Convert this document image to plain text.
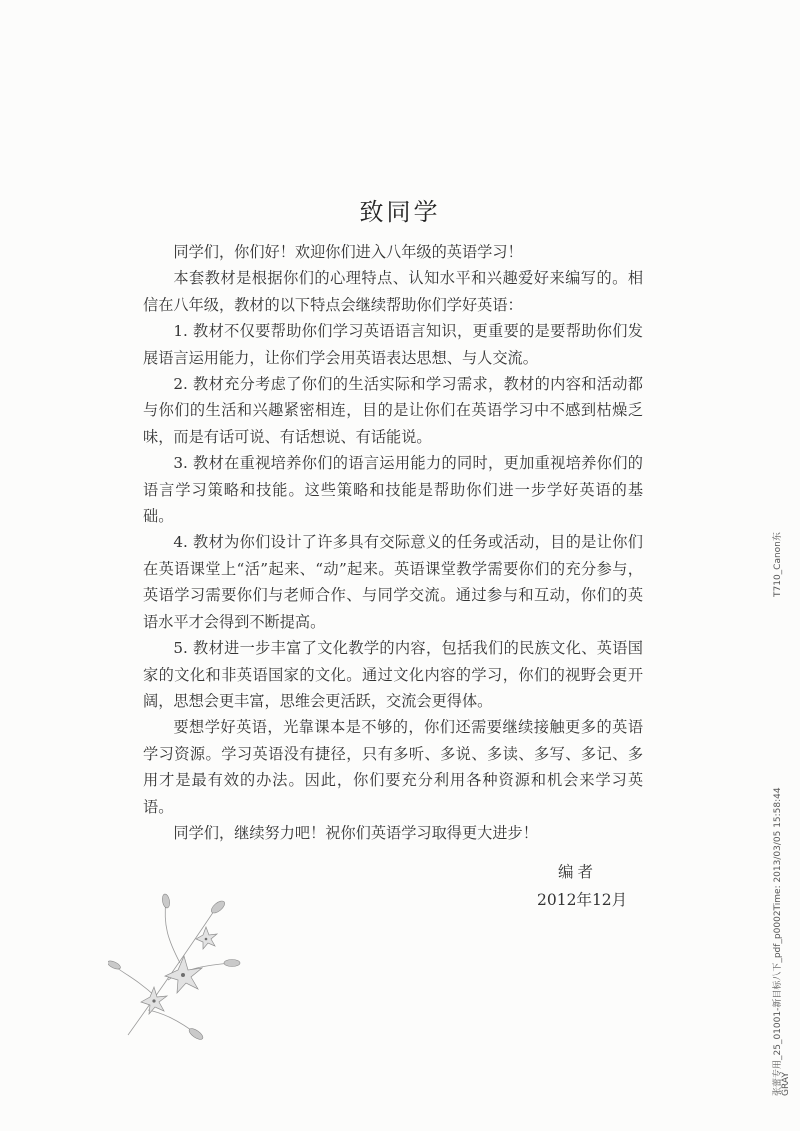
致同学

同学们，你们好！欢迎你们进入八年级的英语学习！

本套教材是根据你们的心理特点、认知水平和兴趣爱好来编写的。相信在八年级，教材的以下特点会继续帮助你们学好英语：

1. 教材不仅要帮助你们学习英语语言知识，更重要的是要帮助你们发展语言运用能力，让你们学会用英语表达思想、与人交流。

2. 教材充分考虑了你们的生活实际和学习需求，教材的内容和活动都与你们的生活和兴趣紧密相连，目的是让你们在英语学习中不感到枯燥乏味，而是有话可说、有话想说、有话能说。

3. 教材在重视培养你们的语言运用能力的同时，更加重视培养你们的语言学习策略和技能。这些策略和技能是帮助你们进一步学好英语的基础。

4. 教材为你们设计了许多具有交际意义的任务或活动，目的是让你们在英语课堂上“活”起来、“动”起来。英语课堂教学需要你们的充分参与，英语学习需要你们与老师合作、与同学交流。通过参与和互动，你们的英语水平才会得到不断提高。

5. 教材进一步丰富了文化教学的内容，包括我们的民族文化、英语国家的文化和非英语国家的文化。通过文化内容的学习，你们的视野会更开阔，思想会更丰富，思维会更活跃，交流会更得体。

要想学好英语，光靠课本是不够的，你们还需要继续接触更多的英语学习资源。学习英语没有捷径，只有多听、多说、多读、多写、多记、多用才是最有效的办法。因此，你们要充分利用各种资源和机会来学习英语。

同学们，继续努力吧！祝你们英语学习取得更大进步！

编者
2012年12月
T710_Canon东
张蕾专用_25_01001-新目标八下_pdf_p0002Time: 2013/03/05 15:58:44
GRAY
